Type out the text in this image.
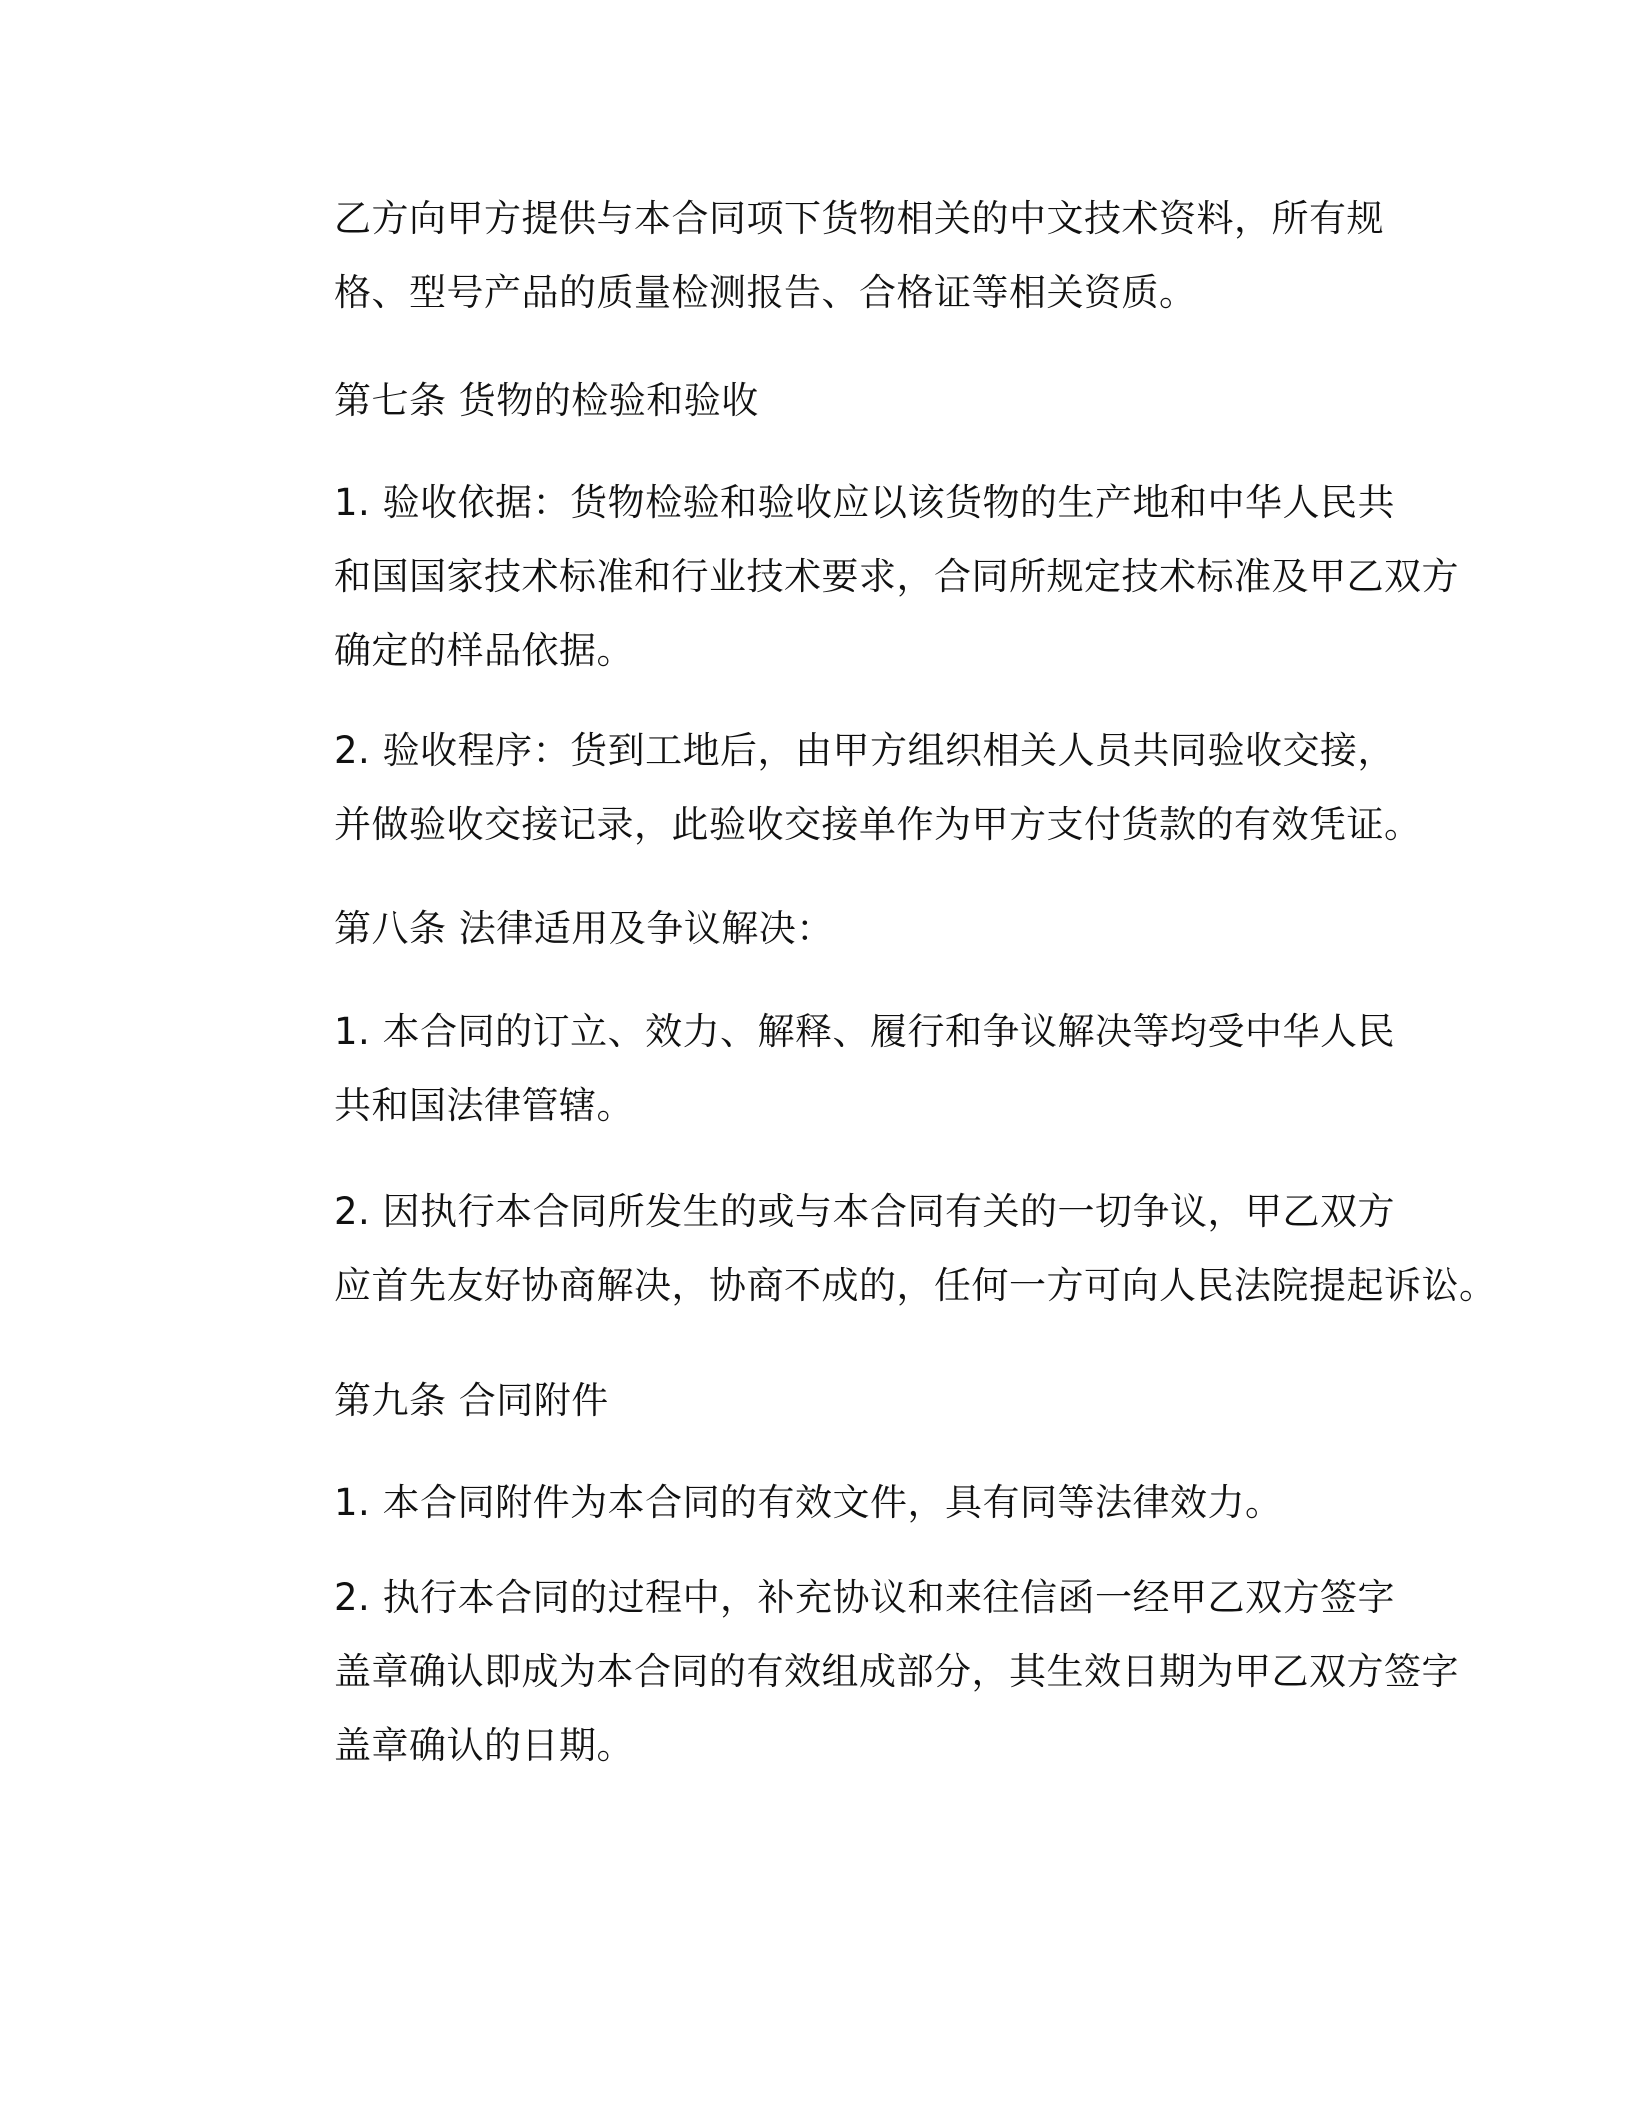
乙方向甲方提供与本合同项下货物相关的中文技术资料，所有规
格、型号产品的质量检测报告、合格证等相关资质。

第七条 货物的检验和验收

1. 验收依据：货物检验和验收应以该货物的生产地和中华人民共
和国国家技术标准和行业技术要求，合同所规定技术标准及甲乙双方
确定的样品依据。

2. 验收程序：货到工地后，由甲方组织相关人员共同验收交接，
并做验收交接记录，此验收交接单作为甲方支付货款的有效凭证。

第八条 法律适用及争议解决：

1. 本合同的订立、效力、解释、履行和争议解决等均受中华人民
共和国法律管辖。

2. 因执行本合同所发生的或与本合同有关的一切争议，甲乙双方
应首先友好协商解决，协商不成的，任何一方可向人民法院提起诉讼。

第九条 合同附件

1. 本合同附件为本合同的有效文件，具有同等法律效力。

2. 执行本合同的过程中，补充协议和来往信函一经甲乙双方签字
盖章确认即成为本合同的有效组成部分，其生效日期为甲乙双方签字
盖章确认的日期。
